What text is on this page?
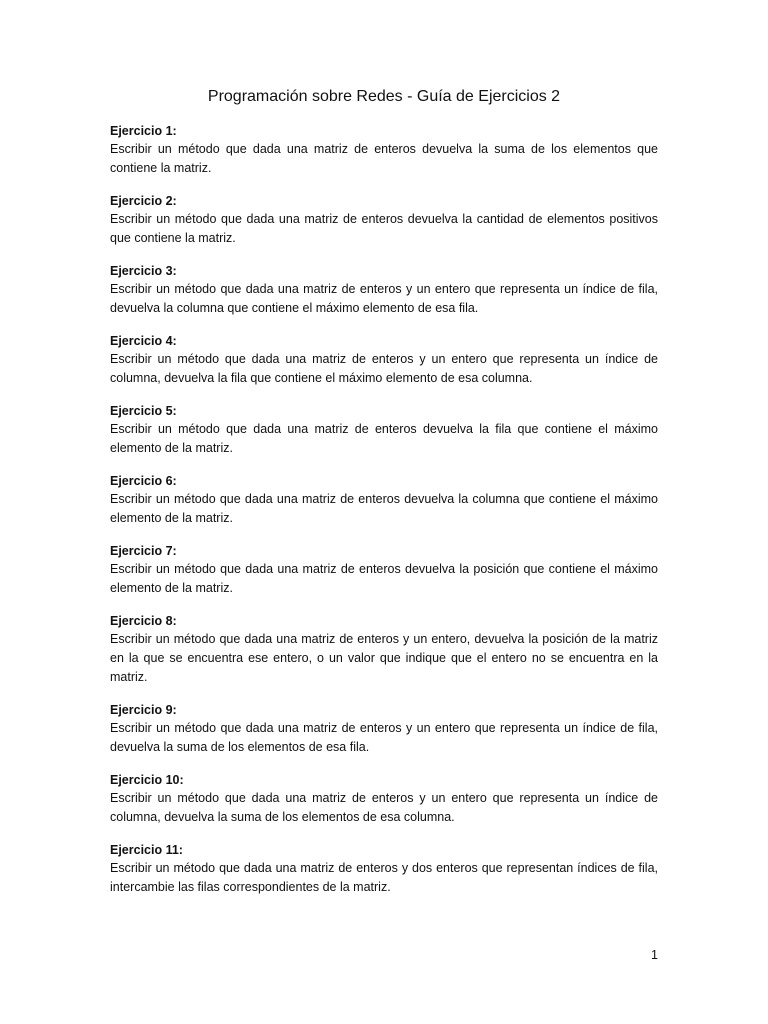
Programación sobre Redes - Guía de Ejercicios 2
Ejercicio 1:
Escribir un método que dada una matriz de enteros devuelva la suma de los elementos que contiene la matriz.
Ejercicio 2:
Escribir un método que dada una matriz de enteros devuelva la cantidad de elementos positivos que contiene la matriz.
Ejercicio 3:
Escribir un método que dada una matriz de enteros y un entero que representa un índice de fila, devuelva la columna que contiene el máximo elemento de esa fila.
Ejercicio 4:
Escribir un método que dada una matriz de enteros y un entero que representa un índice de columna, devuelva la fila que contiene el máximo elemento de esa columna.
Ejercicio 5:
Escribir un método que dada una matriz de enteros devuelva la fila que contiene el máximo elemento de la matriz.
Ejercicio 6:
Escribir un método que dada una matriz de enteros devuelva la columna que contiene el máximo elemento de la matriz.
Ejercicio 7:
Escribir un método que dada una matriz de enteros devuelva la posición que contiene el máximo elemento de la matriz.
Ejercicio 8:
Escribir un método que dada una matriz de enteros y un entero, devuelva la posición de la matriz en la que se encuentra ese entero, o un valor que indique que el entero no se encuentra en la matriz.
Ejercicio 9:
Escribir un método que dada una matriz de enteros y un entero que representa un índice de fila, devuelva la suma de los elementos de esa fila.
Ejercicio 10:
Escribir un método que dada una matriz de enteros y un entero que representa un índice de columna, devuelva la suma de los elementos de esa columna.
Ejercicio 11:
Escribir un método que dada una matriz de enteros y dos enteros que representan índices de fila, intercambie las filas correspondientes de la matriz.
1
